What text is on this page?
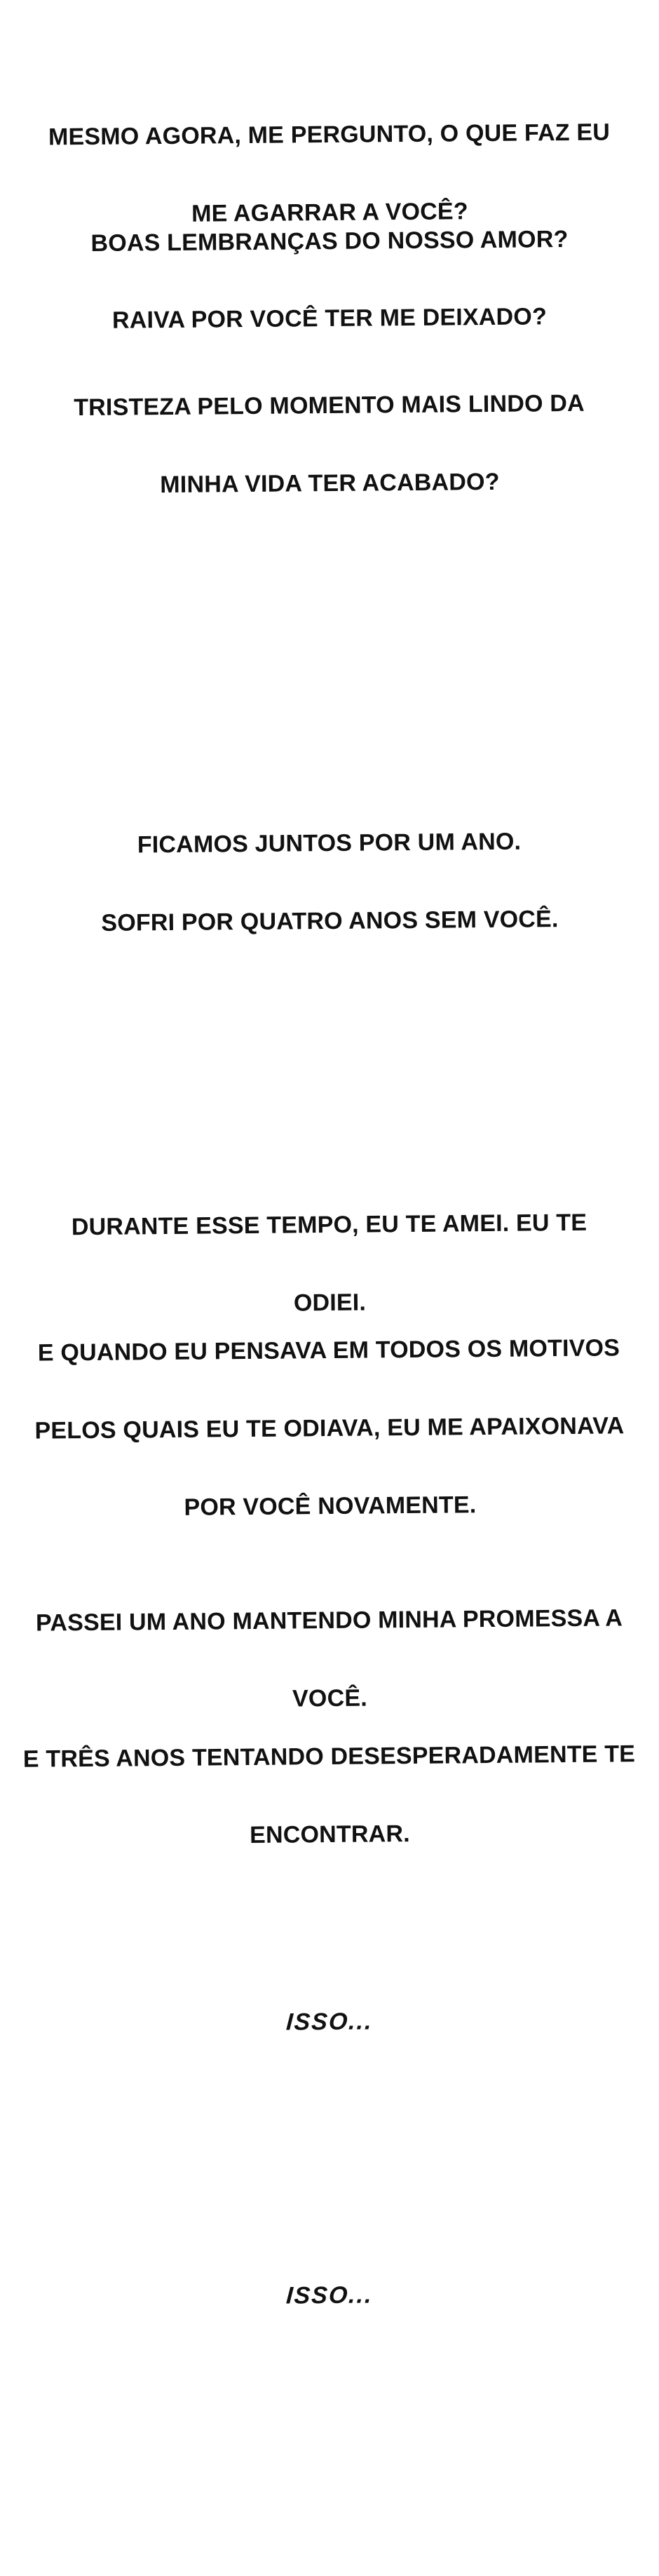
MESMO AGORA, ME PERGUNTO, O QUE FAZ EU

ME AGARRAR A VOCÊ?

BOAS LEMBRANÇAS DO NOSSO AMOR?

RAIVA POR VOCÊ TER ME DEIXADO?

TRISTEZA PELO MOMENTO MAIS LINDO DA

MINHA VIDA TER ACABADO?

FICAMOS JUNTOS POR UM ANO.

SOFRI POR QUATRO ANOS SEM VOCÊ.

DURANTE ESSE TEMPO, EU TE AMEI. EU TE

ODIEI.

E QUANDO EU PENSAVA EM TODOS OS MOTIVOS

PELOS QUAIS EU TE ODIAVA, EU ME APAIXONAVA

POR VOCÊ NOVAMENTE.

PASSEI UM ANO MANTENDO MINHA PROMESSA A

VOCÊ.

E TRÊS ANOS TENTANDO DESESPERADAMENTE TE

ENCONTRAR.

ISSO...

ISSO...
